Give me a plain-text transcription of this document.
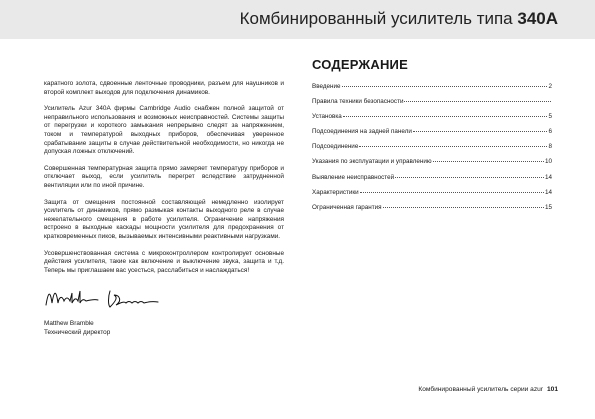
Комбинированный усилитель типа 340A

каратного золота, сдвоенные ленточные проводники, разъем для наушников и второй комплект выходов для подключения динамиков.

Усилитель Azur 340A фирмы Cambridge Audio снабжен полной защитой от неправильного использования и возможных неисправностей. Системы защиты от перегрузки и короткого замыкания непрерывно следят за напряжением, током и температурой выходных приборов, обеспечивая уверенное срабатывание защиты в случае действительной необходимости, но никогда не допуская ложных отключений.

Совершенная температурная защита прямо замеряет температуру приборов и отключает выход, если усилитель перегрет вследствие затрудненной вентиляции или по иной причине.

Защита от смещения постоянной составляющей немедленно изолирует усилитель от динамиков, прямо размыкая контакты выходного реле в случае нежелательного смещения в работе усилителя. Ограничение напряжения встроено в выходные каскады мощности усилителя для предохранения от кратковременных пиков, вызываемых интенсивными реактивными нагрузками.

Усовершенствованная система с микроконтроллером контролирует основные действия усилителя, такие как включение и выключение звука, защита и т.д. Теперь мы приглашаем вас усесться, расслабиться и наслаждаться!

Matthew Bramble

Технический директор

СОДЕРЖАНИЕ
Введение	2
Правила техники безопасности
Установка	5
Подсоединения на задней панели	6
Подсоединение	8
Указания по эксплуатации и управлению	10
Выявление неисправностей	14
Характеристики	14
Ограниченная гарантия	15
Комбинированный усилитель серии azur 101
